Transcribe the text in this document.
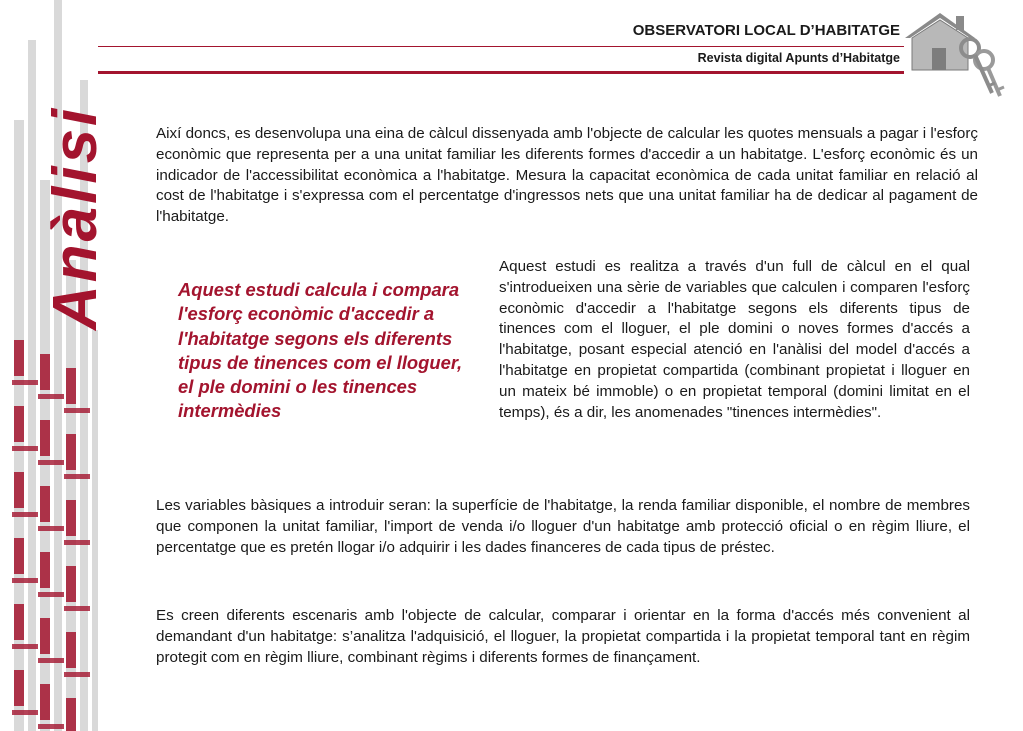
Anàlisi
OBSERVATORI LOCAL D’HABITATGE
Revista digital Apunts d’Habitatge
Així doncs, es desenvolupa una eina de càlcul dissenyada amb l'objecte de calcular les quotes mensuals a pagar i l'esforç econòmic que representa per a una unitat familiar les diferents formes d'accedir a un habitatge. L'esforç econòmic és un indicador de l'accessibilitat econòmica a l'habitatge. Mesura la capacitat econòmica de cada unitat familiar en relació al cost de l'habitatge i s'expressa com el percentatge d'ingressos nets que una unitat familiar ha de dedicar al pagament de l'habitatge.
Aquest estudi calcula i compara l'esforç econòmic d'accedir a l'habitatge segons els diferents tipus de tinences com el lloguer, el ple domini o les tinences intermèdies
Aquest estudi es realitza a través d'un full de càlcul en el qual s'introdueixen una sèrie de variables que calculen i comparen l'esforç econòmic d'accedir a l'habitatge segons els diferents tipus de tinences com el lloguer, el ple domini o noves formes d'accés a l'habitatge, posant especial atenció en l'anàlisi del model d'accés a l'habitatge en propietat compartida (combinant propietat i lloguer en un mateix bé immoble) o en propietat temporal (domini limitat en el temps), és a dir, les anomenades "tinences intermèdies".
Les variables bàsiques a introduir seran: la superfície de l'habitatge, la renda familiar disponible, el nombre de membres que componen la unitat familiar, l'import de venda i/o lloguer d'un habitatge amb protecció oficial o en règim lliure, el percentatge que es pretén llogar i/o adquirir i les dades financeres de cada tipus de préstec.
Es creen diferents escenaris amb l'objecte de calcular, comparar i orientar en la forma d'accés més convenient al demandant d'un habitatge: s’analitza l'adquisició, el lloguer, la propietat compartida i la propietat temporal tant en règim protegit com en règim lliure, combinant règims i diferents formes de finançament.
